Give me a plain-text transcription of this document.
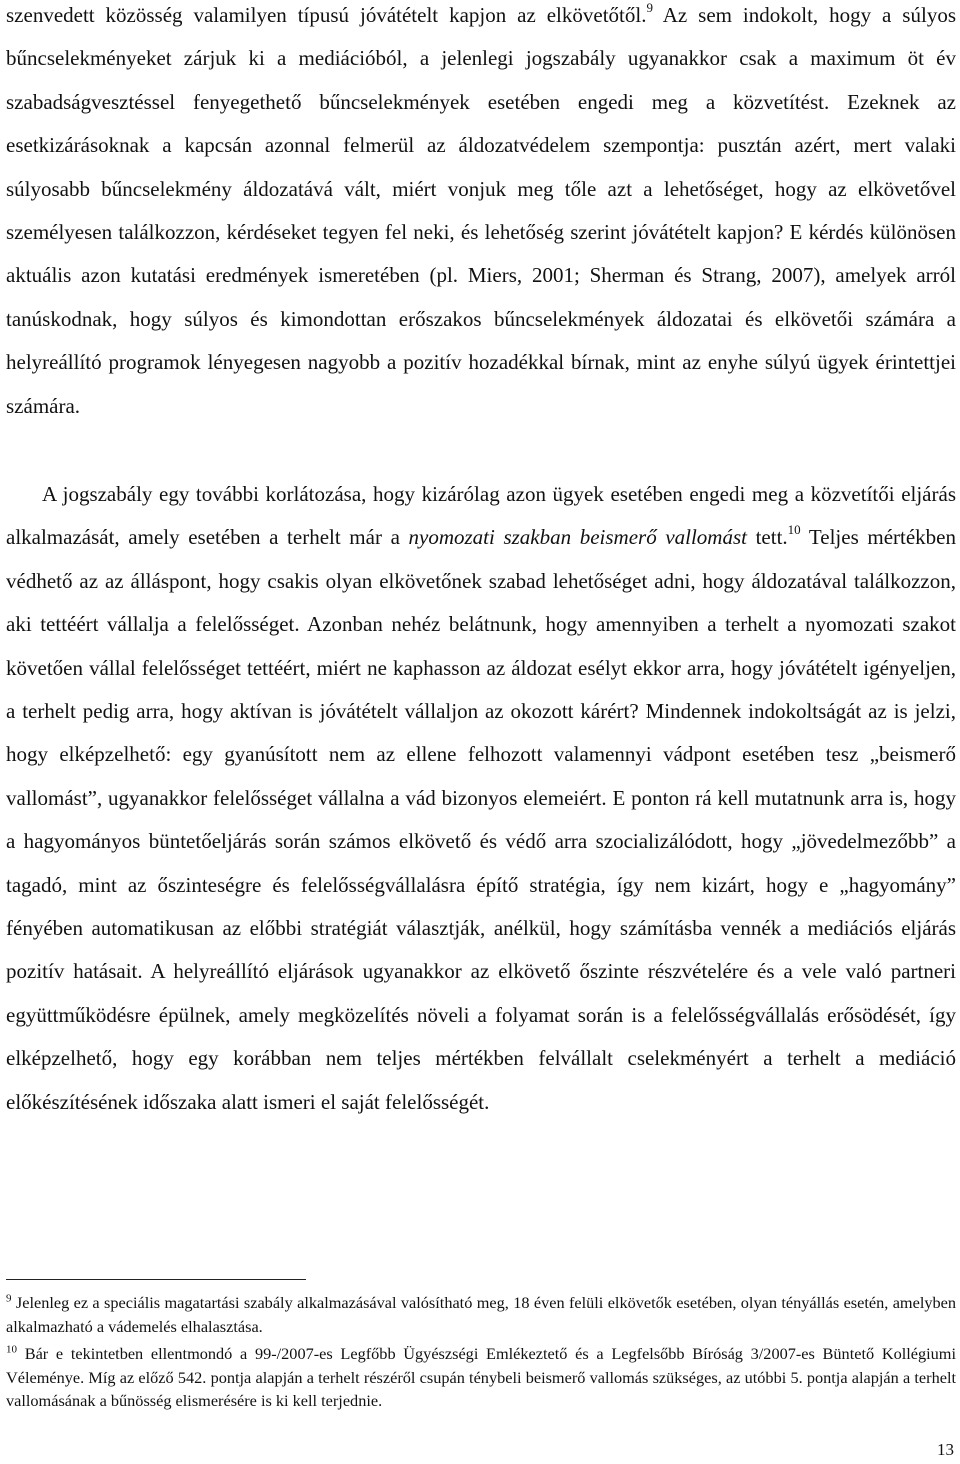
szenvedett közösség valamilyen típusú jóvátételt kapjon az elkövetőtől.$^9$ Az sem indokolt, hogy a súlyos bűncselekményeket zárjuk ki a mediációból, a jelenlegi jogszabály ugyanakkor csak a maximum öt év szabadságvesztéssel fenyegethető bűncselekmények esetében engedi meg a közvetítést. Ezeknek az esetkizárásoknak a kapcsán azonnal felmerül az áldozatvédelem szempontja: pusztán azért, mert valaki súlyosabb bűncselekmény áldozatává vált, miért vonjuk meg tőle azt a lehetőséget, hogy az elkövetővel személyesen találkozzon, kérdéseket tegyen fel neki, és lehetőség szerint jóvátételt kapjon? E kérdés különösen aktuális azon kutatási eredmények ismeretében (pl. Miers, 2001; Sherman és Strang, 2007), amelyek arról tanúskodnak, hogy súlyos és kimondottan erőszakos bűncselekmények áldozatai és elkövetői számára a helyreállító programok lényegesen nagyobb a pozitív hozadékkal bírnak, mint az enyhe súlyú ügyek érintettjei számára.

A jogszabály egy további korlátozása, hogy kizárólag azon ügyek esetében engedi meg a közvetítői eljárás alkalmazását, amely esetében a terhelt már a nyomozati szakban beismerő vallomást tett.$^{10}$ Teljes mértékben védhető az az álláspont, hogy csakis olyan elkövetőnek szabad lehetőséget adni, hogy áldozatával találkozzon, aki tettéért vállalja a felelősséget. Azonban nehéz belátnunk, hogy amennyiben a terhelt a nyomozati szakot követően vállal felelősséget tettéért, miért ne kaphasson az áldozat esélyt ekkor arra, hogy jóvátételt igényeljen, a terhelt pedig arra, hogy aktívan is jóvátételt vállaljon az okozott kárért? Mindennek indokoltságát az is jelzi, hogy elképzelhető: egy gyanúsított nem az ellene felhozott valamennyi vádpont esetében tesz „beismerő vallomást”, ugyanakkor felelősséget vállalna a vád bizonyos elemeiért. E ponton rá kell mutatnunk arra is, hogy a hagyományos büntetőeljárás során számos elkövető és védő arra szocializálódott, hogy „jövedelmezőbb” a tagadó, mint az őszinteségre és felelősségvállalásra építő stratégia, így nem kizárt, hogy e „hagyomány” fényében automatikusan az előbbi stratégiát választják, anélkül, hogy számításba vennék a mediációs eljárás pozitív hatásait. A helyreállító eljárások ugyanakkor az elkövető őszinte részvételére és a vele való partneri együttműködésre épülnek, amely megközelítés növeli a folyamat során is a felelősségvállalás erősödését, így elképzelhető, hogy egy korábban nem teljes mértékben felvállalt cselekményért a terhelt a mediáció előkészítésének időszaka alatt ismeri el saját felelősségét.

$^9$ Jelenleg ez a speciális magatartási szabály alkalmazásával valósítható meg, 18 éven felüli elkövetők esetében, olyan tényállás esetén, amelyben alkalmazható a vádemelés elhalasztása.

$^{10}$ Bár e tekintetben ellentmondó a 99-/2007-es Legfőbb Ügyészségi Emlékeztető és a Legfelsőbb Bíróság 3/2007-es Büntető Kollégiumi Véleménye. Míg az előző 542. pontja alapján a terhelt részéről csupán ténybeli beismerő vallomás szükséges, az utóbbi 5. pontja alapján a terhelt vallomásának a bűnösség elismerésére is ki kell terjednie.

13
